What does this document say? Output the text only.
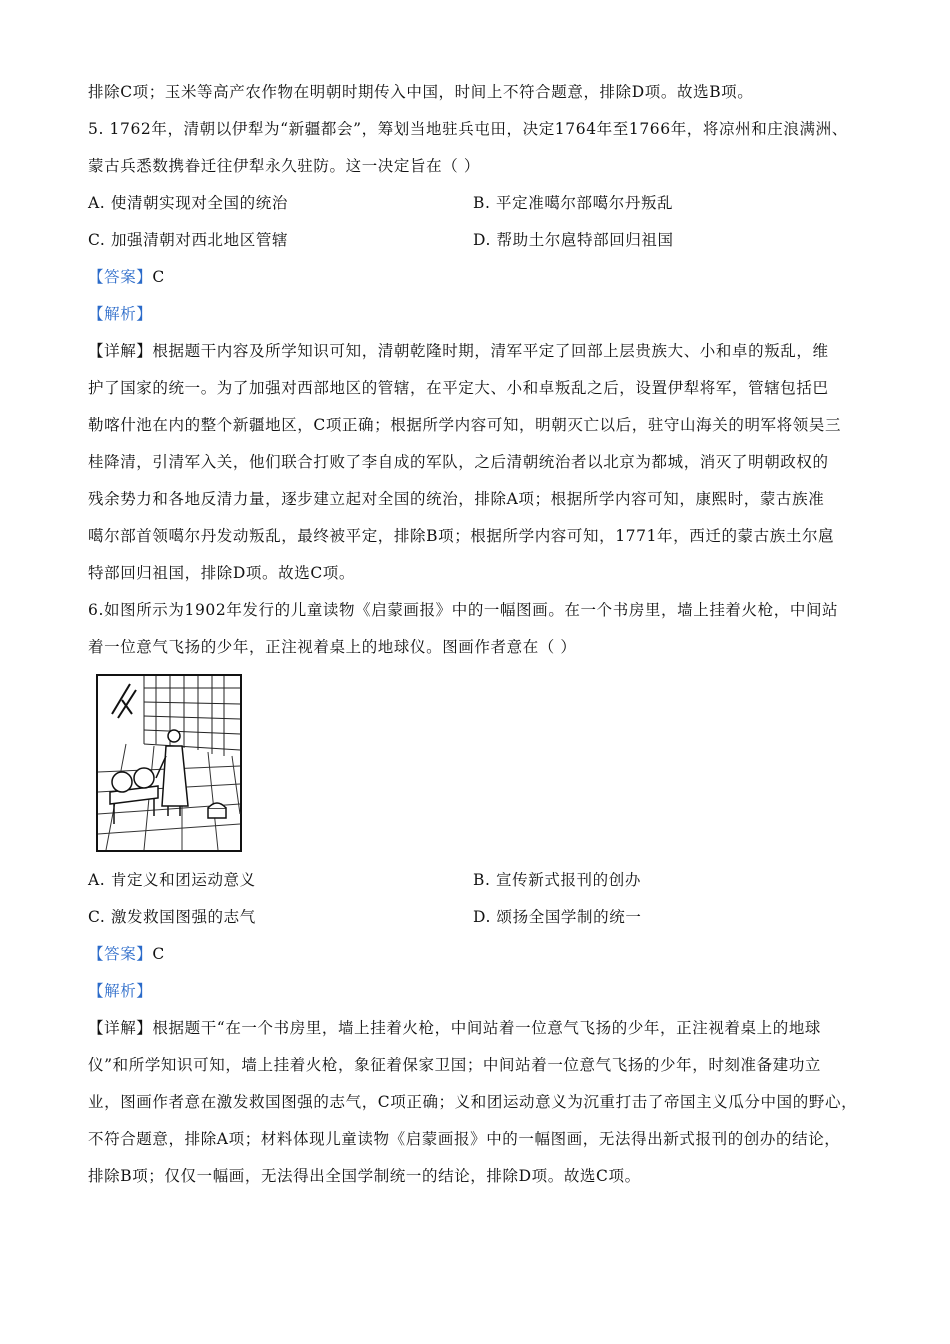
排除C项；玉米等高产农作物在明朝时期传入中国，时间上不符合题意，排除D项。故选B项。
5. 1762年，清朝以伊犁为“新疆都会”，筹划当地驻兵屯田，决定1764年至1766年，将凉州和庄浪满洲、
蒙古兵悉数携眷迁往伊犁永久驻防。这一决定旨在（ ）
A. 使清朝实现对全国的统治	B. 平定准噶尔部噶尔丹叛乱
C. 加强清朝对西北地区管辖	D. 帮助土尔扈特部回归祖国
【答案】C
【解析】
【详解】根据题干内容及所学知识可知，清朝乾隆时期，清军平定了回部上层贵族大、小和卓的叛乱，维
护了国家的统一。为了加强对西部地区的管辖，在平定大、小和卓叛乱之后，设置伊犁将军，管辖包括巴
勒喀什池在内的整个新疆地区，C项正确；根据所学内容可知，明朝灭亡以后，驻守山海关的明军将领吴三
桂降清，引清军入关，他们联合打败了李自成的军队，之后清朝统治者以北京为都城，消灭了明朝政权的
残余势力和各地反清力量，逐步建立起对全国的统治，排除A项；根据所学内容可知，康熙时，蒙古族准
噶尔部首领噶尔丹发动叛乱，最终被平定，排除B项；根据所学内容可知，1771年，西迁的蒙古族土尔扈
特部回归祖国，排除D项。故选C项。
6.如图所示为1902年发行的儿童读物《启蒙画报》中的一幅图画。在一个书房里，墙上挂着火枪，中间站
着一位意气飞扬的少年，正注视着桌上的地球仪。图画作者意在（ ）
A. 肯定义和团运动意义	B. 宣传新式报刊的创办
C. 激发救国图强的志气	D. 颂扬全国学制的统一
【答案】C
【解析】
【详解】根据题干“在一个书房里，墙上挂着火枪，中间站着一位意气飞扬的少年，正注视着桌上的地球
仪”和所学知识可知，墙上挂着火枪，象征着保家卫国；中间站着一位意气飞扬的少年，时刻准备建功立
业，图画作者意在激发救国图强的志气，C项正确；义和团运动意义为沉重打击了帝国主义瓜分中国的野心，
不符合题意，排除A项；材料体现儿童读物《启蒙画报》中的一幅图画，无法得出新式报刊的创办的结论，
排除B项；仅仅一幅画，无法得出全国学制统一的结论，排除D项。故选C项。
